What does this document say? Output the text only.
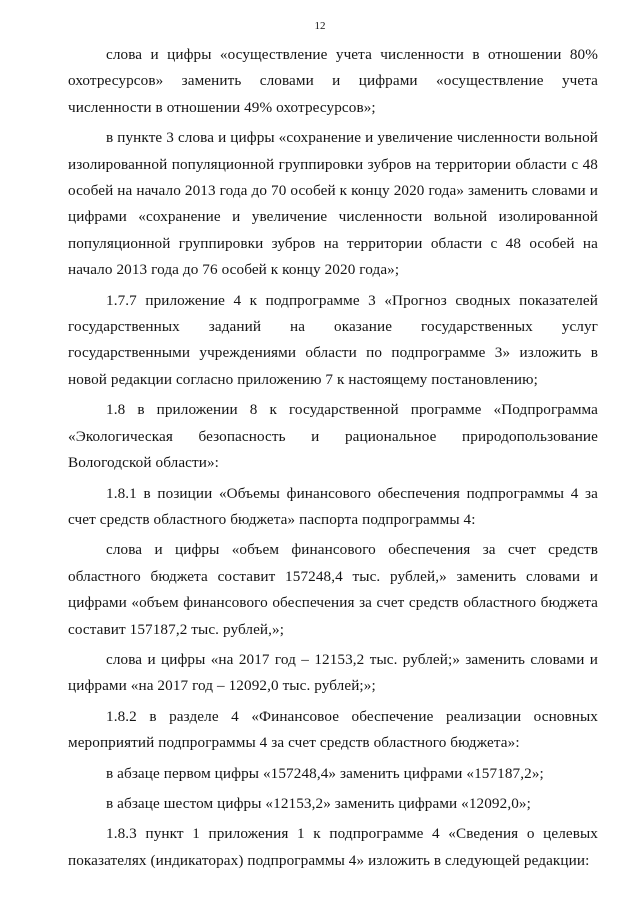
12

слова и цифры «осуществление учета численности в отношении 80% охотресурсов» заменить словами и цифрами «осуществление учета численности в отношении 49% охотресурсов»;

в пункте 3 слова и цифры «сохранение и увеличение численности вольной изолированной популяционной группировки зубров на территории области с 48 особей на начало 2013 года до 70 особей к концу 2020 года» заменить словами и цифрами «сохранение и увеличение численности вольной изолированной популяционной группировки зубров на территории области с 48 особей на начало 2013 года до 76 особей к концу 2020 года»;

1.7.7 приложение 4 к подпрограмме 3 «Прогноз сводных показателей государственных заданий на оказание государственных услуг государственными учреждениями области по подпрограмме 3» изложить в новой редакции согласно приложению 7 к настоящему постановлению;

1.8 в приложении 8 к государственной программе «Подпрограмма «Экологическая безопасность и рациональное природопользование Вологодской области»:

1.8.1 в позиции «Объемы финансового обеспечения подпрограммы 4 за счет средств областного бюджета» паспорта подпрограммы 4:

слова и цифры «объем финансового обеспечения за счет средств областного бюджета составит 157248,4 тыс. рублей,» заменить словами и цифрами «объем финансового обеспечения за счет средств областного бюджета составит 157187,2 тыс. рублей,»;

слова и цифры «на 2017 год – 12153,2 тыс. рублей;» заменить словами и цифрами «на 2017 год – 12092,0 тыс. рублей;»;

1.8.2 в разделе 4 «Финансовое обеспечение реализации основных мероприятий подпрограммы 4 за счет средств областного бюджета»:

в абзаце первом цифры «157248,4» заменить цифрами «157187,2»;

в абзаце шестом цифры «12153,2» заменить цифрами «12092,0»;

1.8.3 пункт 1 приложения 1 к подпрограмме 4 «Сведения о целевых показателях (индикаторах) подпрограммы 4» изложить в следующей редакции:
